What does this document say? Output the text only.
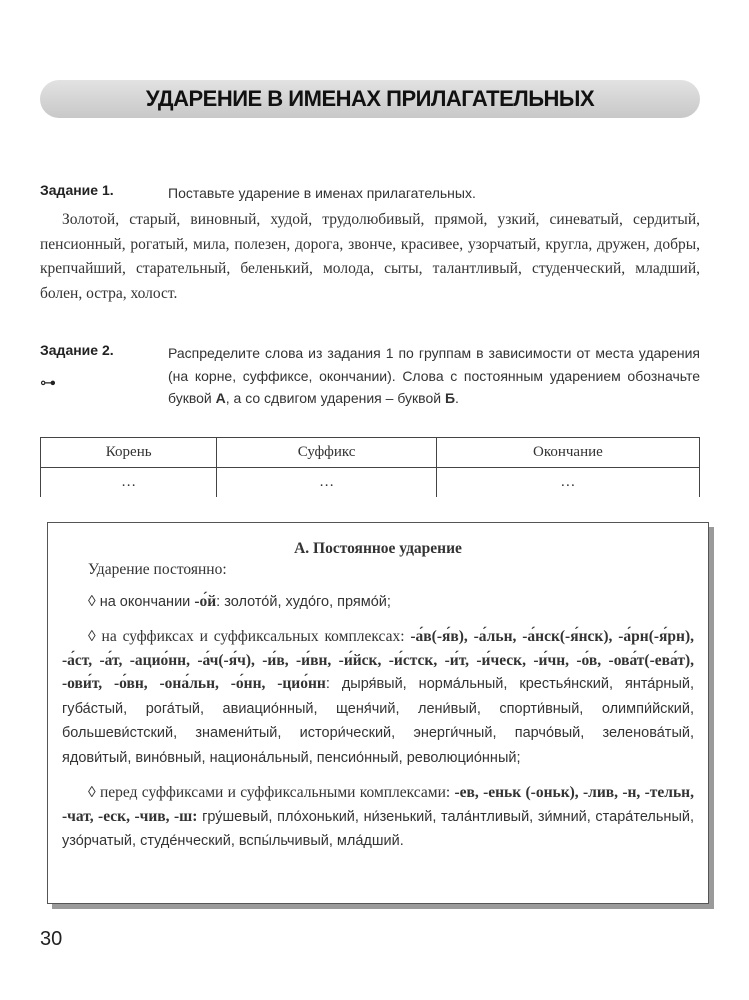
УДАРЕНИЕ В ИМЕНАХ ПРИЛАГАТЕЛЬНЫХ
Задание 1.	Поставьте ударение в именах прилагательных.
Золотой, старый, виновный, худой, трудолюбивый, прямой, узкий, синеватый, сердитый, пенсионный, рогатый, мила, полезен, дорога, звонче, красивее, узорчатый, кругла, дружен, добры, крепчайший, старательный, беленький, молода, сыты, талантливый, студенческий, младший, болен, остра, холост.
Задание 2.	Распределите слова из задания 1 по группам в зависимости от места ударения (на корне, суффиксе, окончании). Слова с постоянным ударением обозначьте буквой А, а со сдвигом ударения – буквой Б.
⊶
Корень	Суффикс	Окончание
…	…	…
А. Постоянное ударение

Ударение постоянно:

◊ на окончании -о́й: золото́й, худо́го, прямо́й;

◊ на суффиксах и суффиксальных комплексах: -а́в(-я́в), -а́льн, -а́нск(-я́нск), -а́рн(-я́рн), -а́ст, -а́т, -ацио́нн, -а́ч(-я́ч), -и́в, -и́вн, -и́йск, -и́стск, -и́т, -и́ческ, -и́чн, -о́в, -ова́т(-ева́т), -ови́т, -о́вн, -она́льн, -о́нн, -цио́нн: дыря́вый, норма́льный, крестья́нский, янта́рный, губа́стый, рога́тый, авиацио́нный, щеня́чий, лени́вый, спорти́вный, олимпи́йский, большеви́стский, знамени́тый, истори́ческий, энерги́чный, парчо́вый, зеленова́тый, ядови́тый, вино́вный, национа́льный, пенсио́нный, революцио́нный;

◊ перед суффиксами и суффиксальными комплексами: -ев, -еньк (-оньк), -лив, -н, -тельн, -чат, -еск, -чив, -ш: гру́шевый, пло́хонький, ни́зенький, тала́нтливый, зи́мний, стара́тельный, узо́рчатый, студе́нческий, вспы́льчивый, мла́дший.

30
